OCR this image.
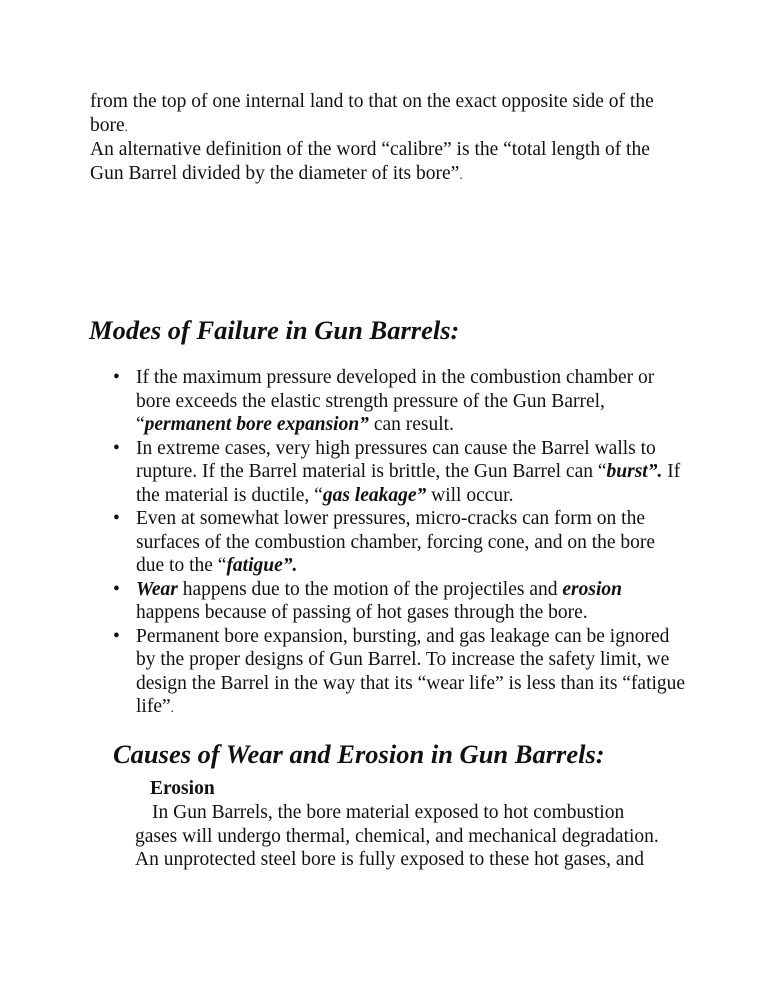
from the top of one internal land to that on the exact opposite side of the

bore.

An alternative definition of the word “calibre” is the “total length of the

Gun Barrel divided by the diameter of its bore”.

Modes of Failure in Gun Barrels:
• If the maximum pressure developed in the combustion chamber or bore exceeds the elastic strength pressure of the Gun Barrel, “permanent bore expansion” can result.
• In extreme cases, very high pressures can cause the Barrel walls to rupture. If the Barrel material is brittle, the Gun Barrel can “burst”. If the material is ductile, “gas leakage” will occur.
• Even at somewhat lower pressures, micro-cracks can form on the surfaces of the combustion chamber, forcing cone, and on the bore due to the “fatigue”.
• Wear happens due to the motion of the projectiles and erosion happens because of passing of hot gases through the bore.
• Permanent bore expansion, bursting, and gas leakage can be ignored by the proper designs of Gun Barrel. To increase the safety limit, we design the Barrel in the way that its “wear life” is less than its “fatigue life”.
Causes of Wear and Erosion in Gun Barrels:
Erosion

In Gun Barrels, the bore material exposed to hot combustion
gases will undergo thermal, chemical, and mechanical degradation.
An unprotected steel bore is fully exposed to these hot gases, and
